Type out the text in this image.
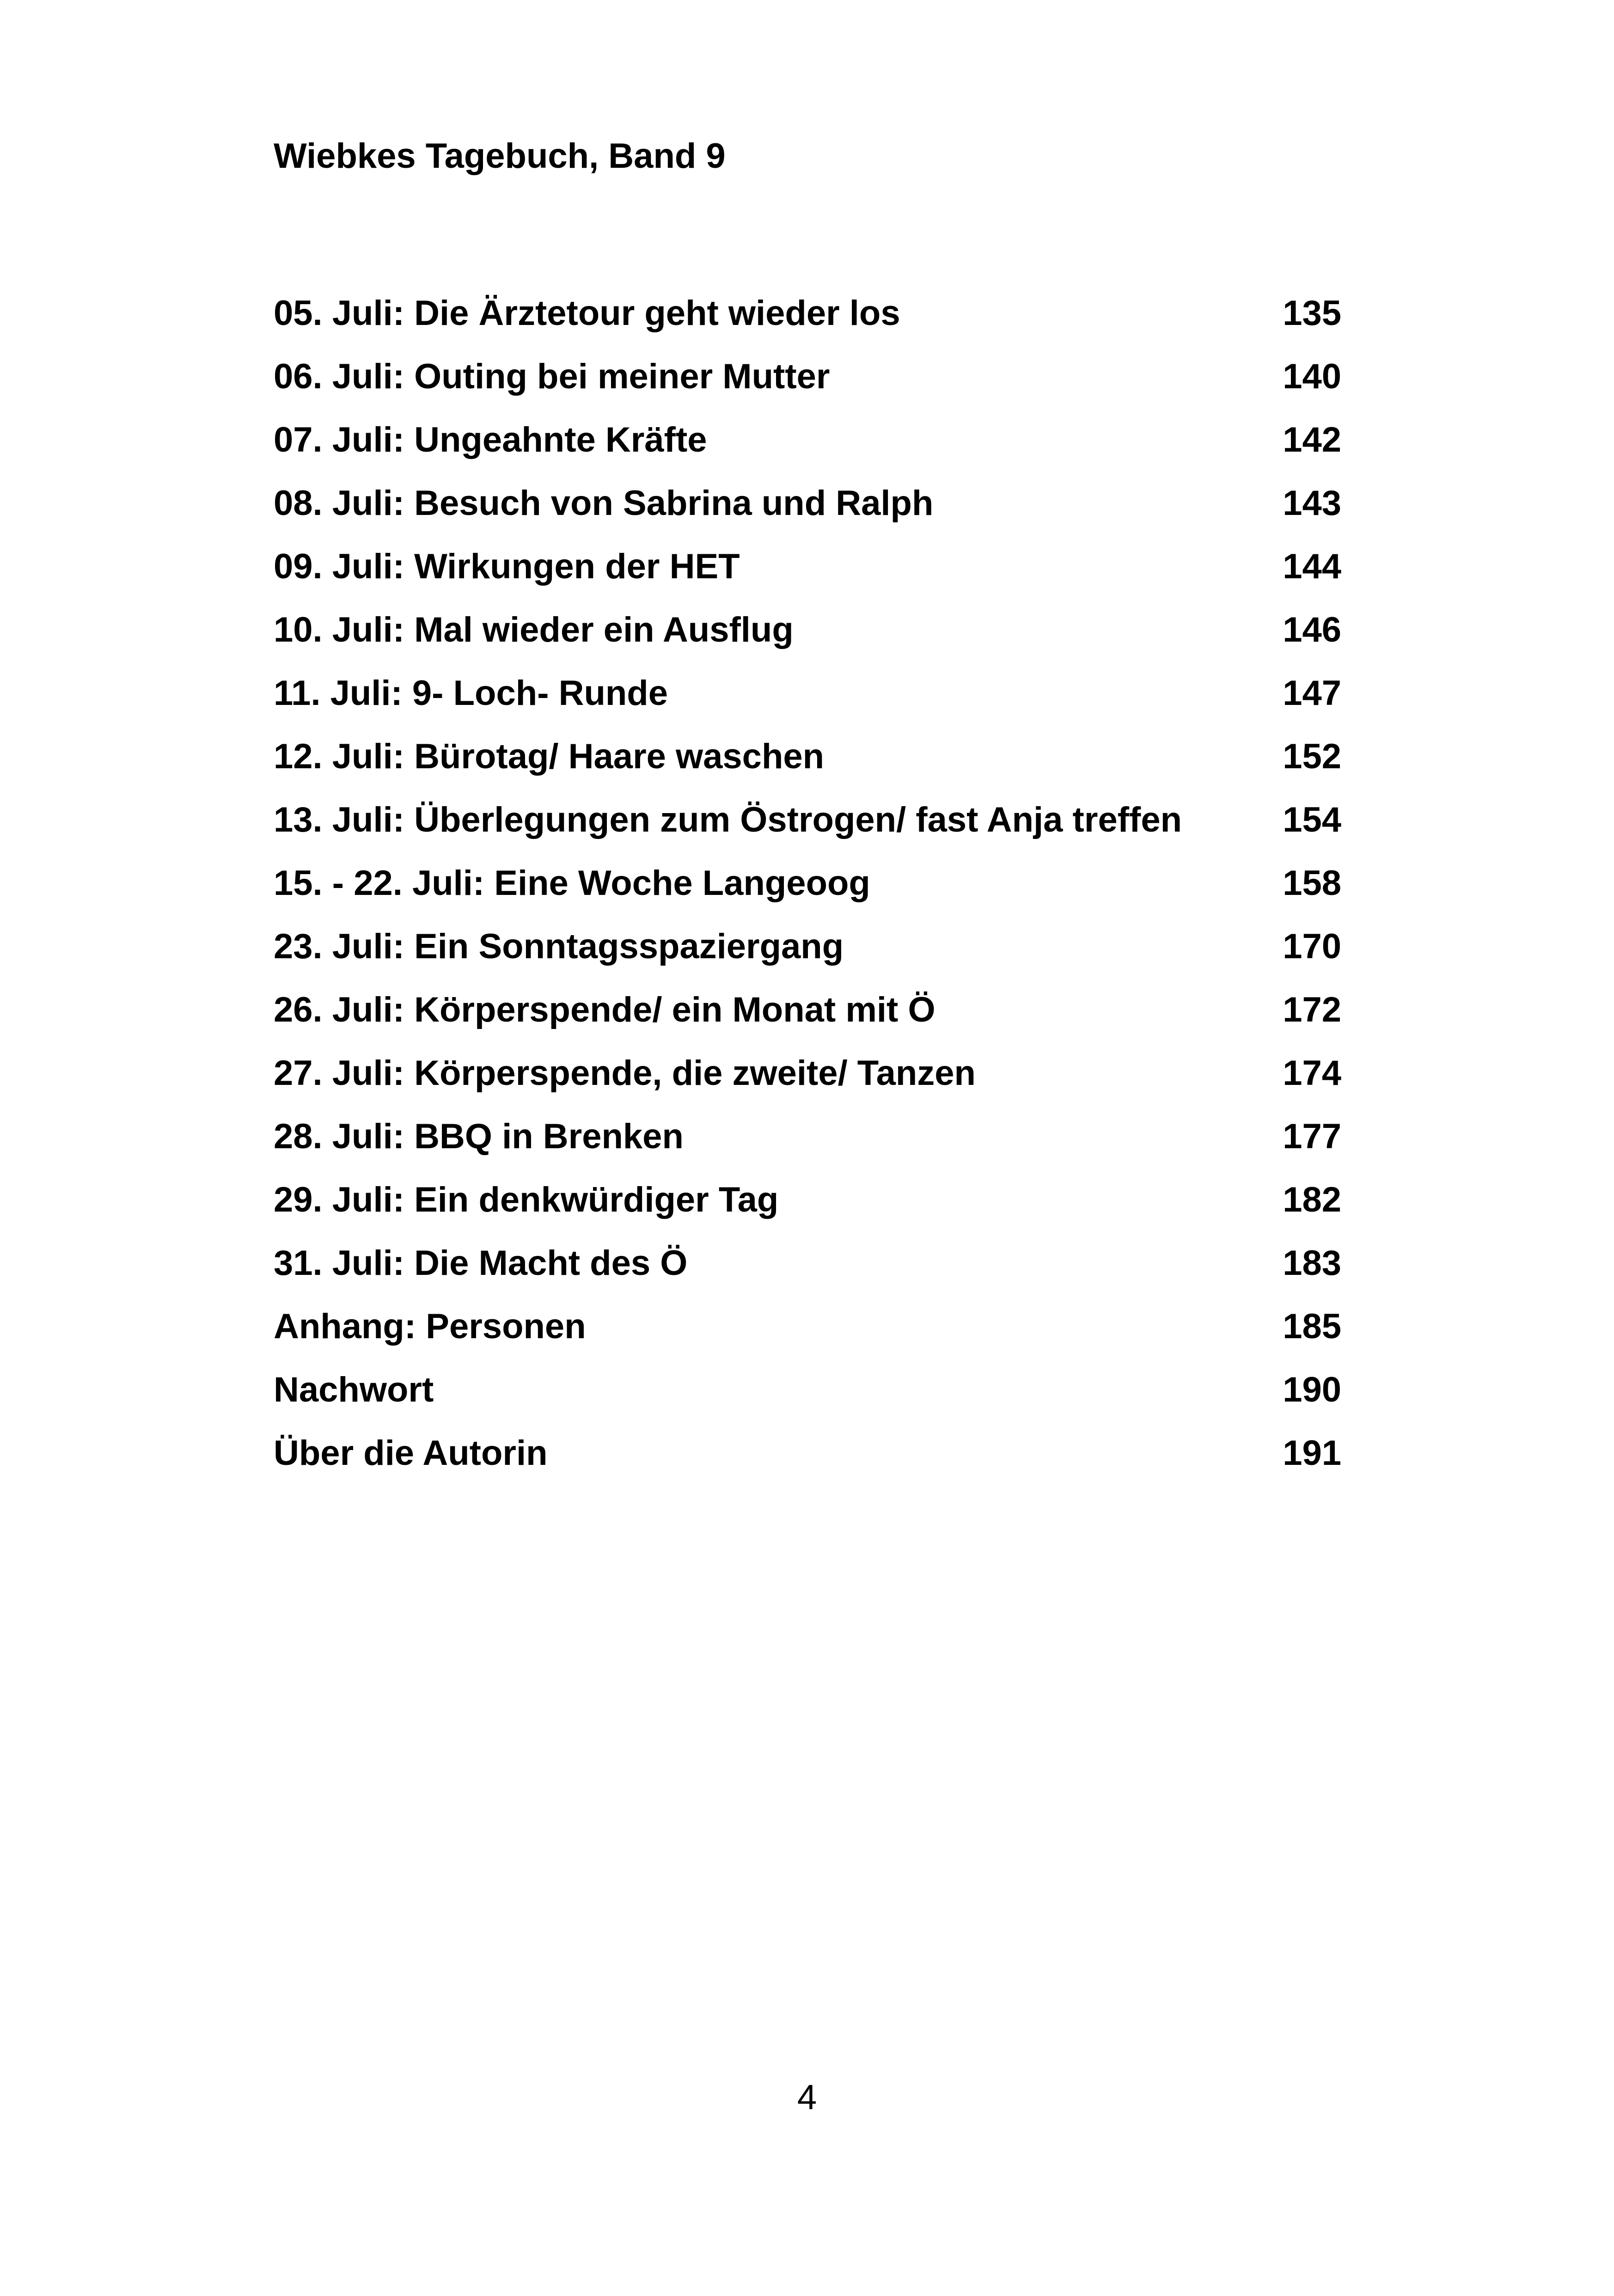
Wiebkes Tagebuch, Band 9
05. Juli: Die Ärztetour geht wieder los	135
06. Juli: Outing bei meiner Mutter	140
07. Juli: Ungeahnte Kräfte	142
08. Juli: Besuch von Sabrina und Ralph	143
09. Juli: Wirkungen der HET	144
10. Juli: Mal wieder ein Ausflug	146
11. Juli: 9- Loch- Runde	147
12. Juli: Bürotag/ Haare waschen	152
13. Juli: Überlegungen zum Östrogen/ fast Anja treffen	154
15. - 22. Juli: Eine Woche Langeoog	158
23. Juli: Ein Sonntagsspaziergang	170
26. Juli: Körperspende/ ein Monat mit Ö	172
27. Juli: Körperspende, die zweite/ Tanzen	174
28. Juli: BBQ in Brenken	177
29. Juli: Ein denkwürdiger Tag	182
31. Juli: Die Macht des Ö	183
Anhang: Personen	185
Nachwort	190
Über die Autorin	191
4
